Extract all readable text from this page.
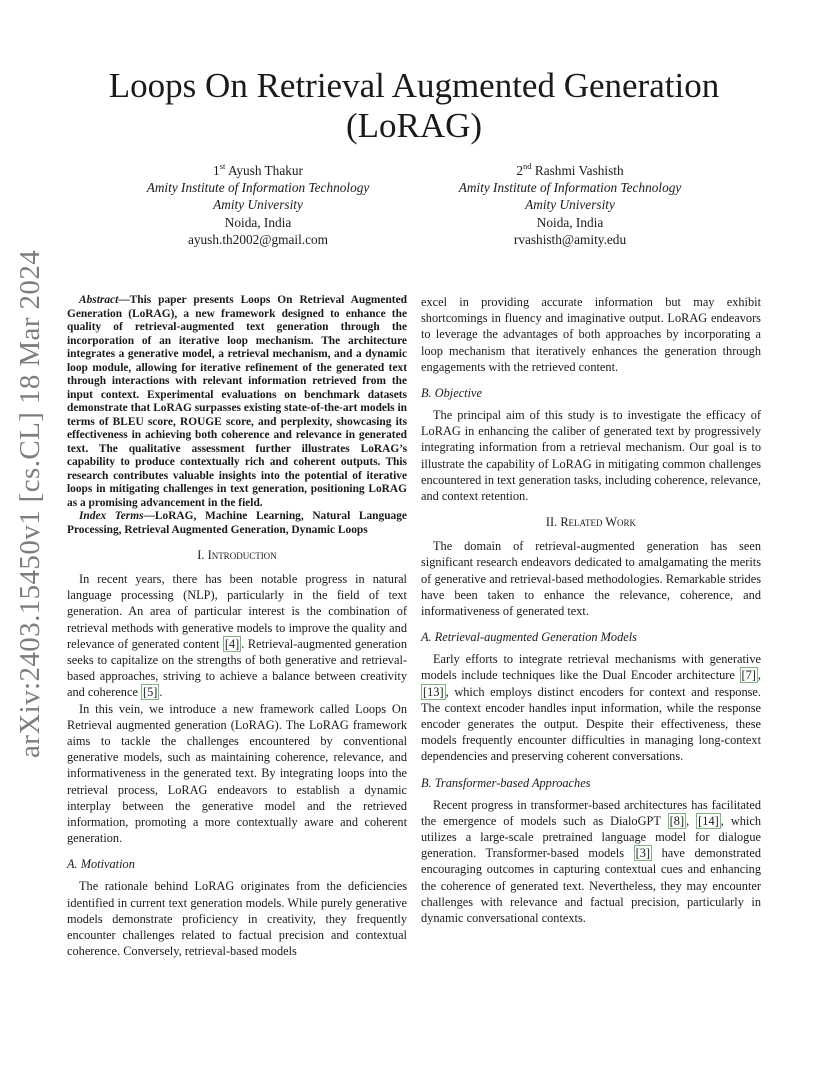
Loops On Retrieval Augmented Generation
(LoRAG)
1st Ayush Thakur
Amity Institute of Information Technology
Amity University
Noida, India
ayush.th2002@gmail.com
2nd Rashmi Vashisth
Amity Institute of Information Technology
Amity University
Noida, India
rvashisth@amity.edu
arXiv:2403.15450v1 [cs.CL] 18 Mar 2024	Abstract—This paper presents Loops On Retrieval Augmented Generation (LoRAG), a new framework designed to enhance the quality of retrieval-augmented text generation through the incorporation of an iterative loop mechanism. The architecture integrates a generative model, a retrieval mechanism, and a dynamic loop module, allowing for iterative refinement of the generated text through interactions with relevant information retrieved from the input context. Experimental evaluations on benchmark datasets demonstrate that LoRAG surpasses existing state-of-the-art models in terms of BLEU score, ROUGE score, and perplexity, showcasing its effectiveness in achieving both coherence and relevance in generated text. The qualitative assessment further illustrates LoRAG’s capability to produce contextually rich and coherent outputs. This research contributes valuable insights into the potential of iterative loops in mitigating challenges in text generation, positioning LoRAG as a promising advancement in the field.

Index Terms—LoRAG, Machine Learning, Natural Language Processing, Retrieval Augmented Generation, Dynamic Loops

I. Introduction

In recent years, there has been notable progress in natural language processing (NLP), particularly in the field of text generation. An area of particular interest is the combination of retrieval methods with generative models to improve the quality and relevance of generated content [4] . Retrieval-augmented generation seeks to capitalize on the strengths of both generative and retrieval-based approaches, striving to achieve a balance between creativity and coherence [5] .

In this vein, we introduce a new framework called Loops On Retrieval augmented generation (LoRAG). The LoRAG framework aims to tackle the challenges encountered by conventional generative models, such as maintaining coherence, relevance, and informativeness in the generated text. By integrating loops into the retrieval process, LoRAG endeavors to establish a dynamic interplay between the generative model and the retrieved information, promoting a more contextually aware and coherent generation.

A. Motivation

The rationale behind LoRAG originates from the deficiencies identified in current text generation models. While purely generative models demonstrate proficiency in creativity, they frequently encounter challenges related to factual precision and contextual coherence. Conversely, retrieval-based models

excel in providing accurate information but may exhibit shortcomings in fluency and imaginative output. LoRAG endeavors to leverage the advantages of both approaches by incorporating a loop mechanism that iteratively enhances the generation through engagements with the retrieved content.

B. Objective

The principal aim of this study is to investigate the efficacy of LoRAG in enhancing the caliber of generated text by progressively integrating information from a retrieval mechanism. Our goal is to illustrate the capability of LoRAG in mitigating common challenges encountered in text generation tasks, including coherence, relevance, and context retention.

II. Related Work

The domain of retrieval-augmented generation has seen significant research endeavors dedicated to amalgamating the merits of generative and retrieval-based methodologies. Remarkable strides have been taken to enhance the relevance, coherence, and informativeness of generated text.

A. Retrieval-augmented Generation Models

Early efforts to integrate retrieval mechanisms with generative models include techniques like the Dual Encoder architecture [7] , [13] , which employs distinct encoders for context and response. The context encoder handles input information, while the response encoder generates the output. Despite their effectiveness, these models frequently encounter difficulties in managing long-context dependencies and preserving coherent conversations.

B. Transformer-based Approaches

Recent progress in transformer-based architectures has facilitated the emergence of models such as DialoGPT [8] , [14] , which utilizes a large-scale pretrained language model for dialogue generation. Transformer-based models [3] have demonstrated encouraging outcomes in capturing contextual cues and enhancing the coherence of generated text. Nevertheless, they may encounter challenges with relevance and factual precision, particularly in dynamic conversational contexts.
